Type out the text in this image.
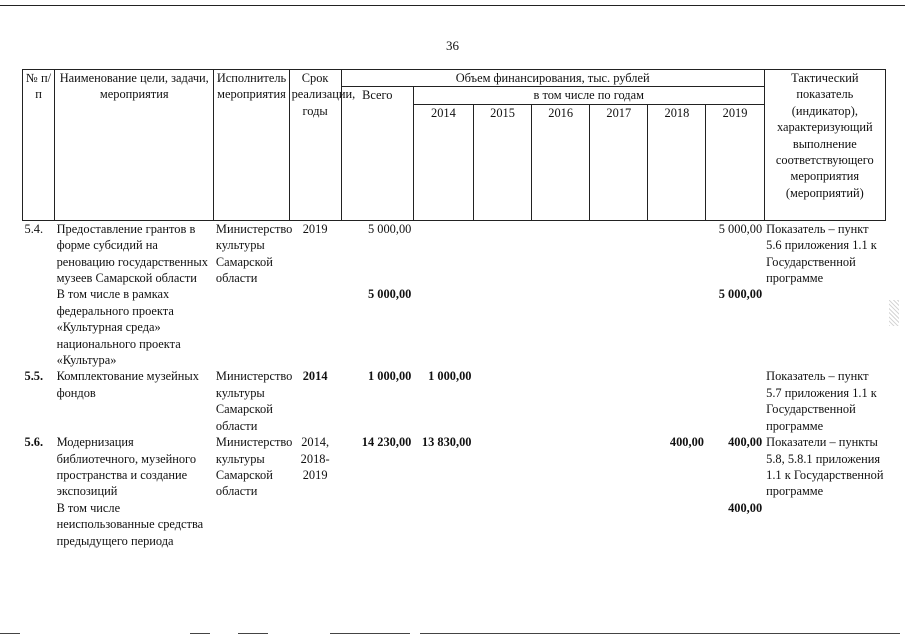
36
№ п/п	Наименование цели, задачи, мероприятия	Исполнитель мероприятия	Срок реализации, годы	Объем финансирования, тыс. рублей							Тактический показатель (индикатор), характеризующий выполнение соответствующего мероприятия (мероприятий)
				Всего	в том числе по годам						
					2014	2015	2016	2017	2018	2019	
5.4.	Предоставление грантов в форме субсидий на реновацию государственных музеев Самарской области	Министерство культуры Самарской области	2019	5 000,00						5 000,00	Показатель – пункт 5.6 приложения 1.1 к Государственной программе
	В том числе в рамках федерального проекта «Культурная среда» национального проекта «Культура»			5 000,00						5 000,00	
5.5.	Комплектование музейных фондов	Министерство культуры Самарской области	2014	1 000,00	1 000,00						Показатель – пункт 5.7 приложения 1.1 к Государственной программе
5.6.	Модернизация библиотечного, музейного пространства и создание экспозиций	Министерство культуры Самарской области	2014, 2018-2019	14 230,00	13 830,00				400,00	400,00	Показатели – пункты 5.8, 5.8.1 приложения 1.1 к Государственной программе
	В том числе неиспользованные средства предыдущего периода									400,00	
